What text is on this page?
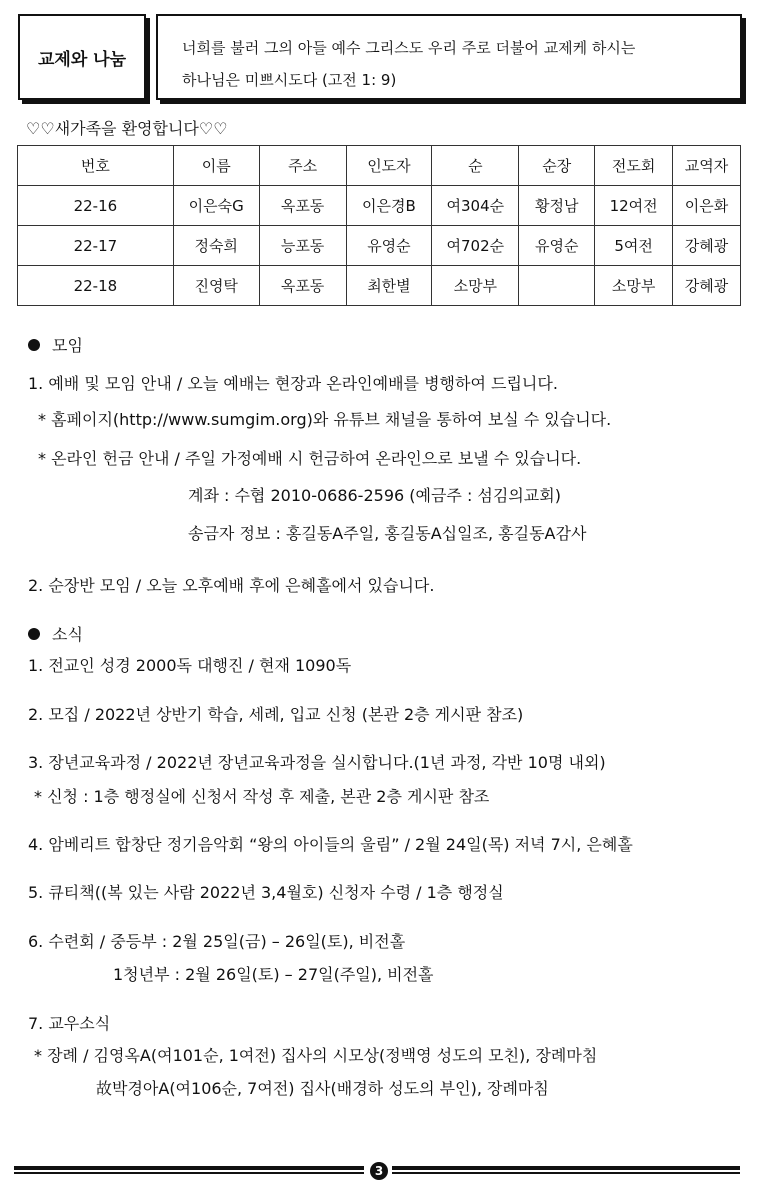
교제와 나눔
너희를 불러 그의 아들 예수 그리스도 우리 주로 더불어 교제케 하시는
하나님은 미쁘시도다 (고전 1: 9)
♡♡새가족을 환영합니다♡♡
번호	이름	주소	인도자	순	순장	전도회	교역자
22-16	이은숙G	옥포동	이은경B	여304순	황정남	12여전	이은화
22-17	정숙희	능포동	유영순	여702순	유영순	5여전	강혜광
22-18	진영탁	옥포동	최한별	소망부		소망부	강혜광
모임
1. 예배 및 모임 안내 / 오늘 예배는 현장과 온라인예배를 병행하여 드립니다.
* 홈페이지(http://www.sumgim.org)와 유튜브 채널을 통하여 보실 수 있습니다.
* 온라인 헌금 안내 / 주일 가정예배 시 헌금하여 온라인으로 보낼 수 있습니다.
계좌 : 수협 2010-0686-2596 (예금주 : 섬김의교회)
송금자 정보 : 홍길동A주일, 홍길동A십일조, 홍길동A감사
2. 순장반 모임 / 오늘 오후예배 후에 은혜홀에서 있습니다.
소식
1. 전교인 성경 2000독 대행진 / 현재 1090독
2. 모집 / 2022년 상반기 학습, 세례, 입교 신청 (본관 2층 게시판 참조)
3. 장년교육과정 / 2022년 장년교육과정을 실시합니다.(1년 과정, 각반 10명 내외)
* 신청 : 1층 행정실에 신청서 작성 후 제출, 본관 2층 게시판 참조
4. 암베리트 합창단 정기음악회 “왕의 아이들의 울림” / 2월 24일(목) 저녁 7시, 은혜홀
5. 큐티책((복 있는 사람 2022년 3,4월호) 신청자 수령 / 1층 행정실
6. 수련회 / 중등부 : 2월 25일(금) – 26일(토), 비전홀
1청년부 : 2월 26일(토) – 27일(주일), 비전홀
7. 교우소식
* 장례 / 김영옥A(여101순, 1여전) 집사의 시모상(정백영 성도의 모친), 장례마침
故박경아A(여106순, 7여전) 집사(배경하 성도의 부인), 장례마침
3
